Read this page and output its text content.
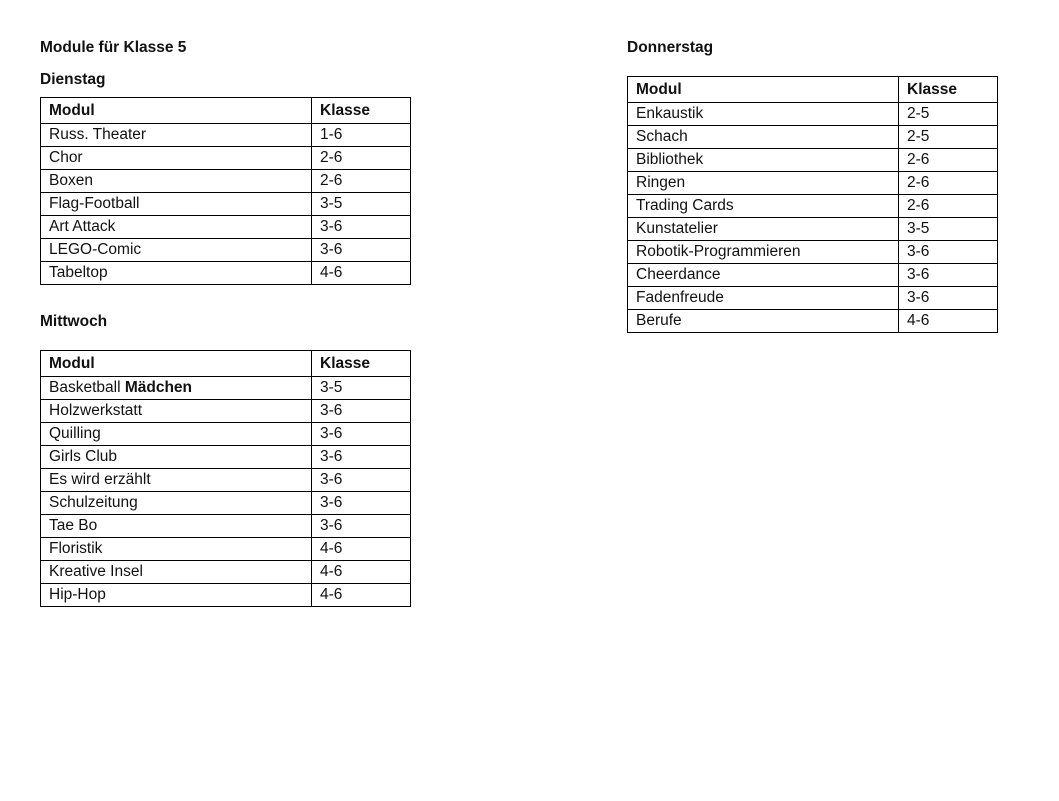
Module für Klasse 5
Dienstag
Modul	Klasse
Russ. Theater	1-6
Chor	2-6
Boxen	2-6
Flag-Football	3-5
Art Attack	3-6
LEGO-Comic	3-6
Tabeltop	4-6
Mittwoch
Modul	Klasse
Basketball Mädchen	3-5
Holzwerkstatt	3-6
Quilling	3-6
Girls Club	3-6
Es wird erzählt	3-6
Schulzeitung	3-6
Tae Bo	3-6
Floristik	4-6
Kreative Insel	4-6
Hip-Hop	4-6
Donnerstag
Modul	Klasse
Enkaustik	2-5
Schach	2-5
Bibliothek	2-6
Ringen	2-6
Trading Cards	2-6
Kunstatelier	3-5
Robotik-Programmieren	3-6
Cheerdance	3-6
Fadenfreude	3-6
Berufe	4-6
